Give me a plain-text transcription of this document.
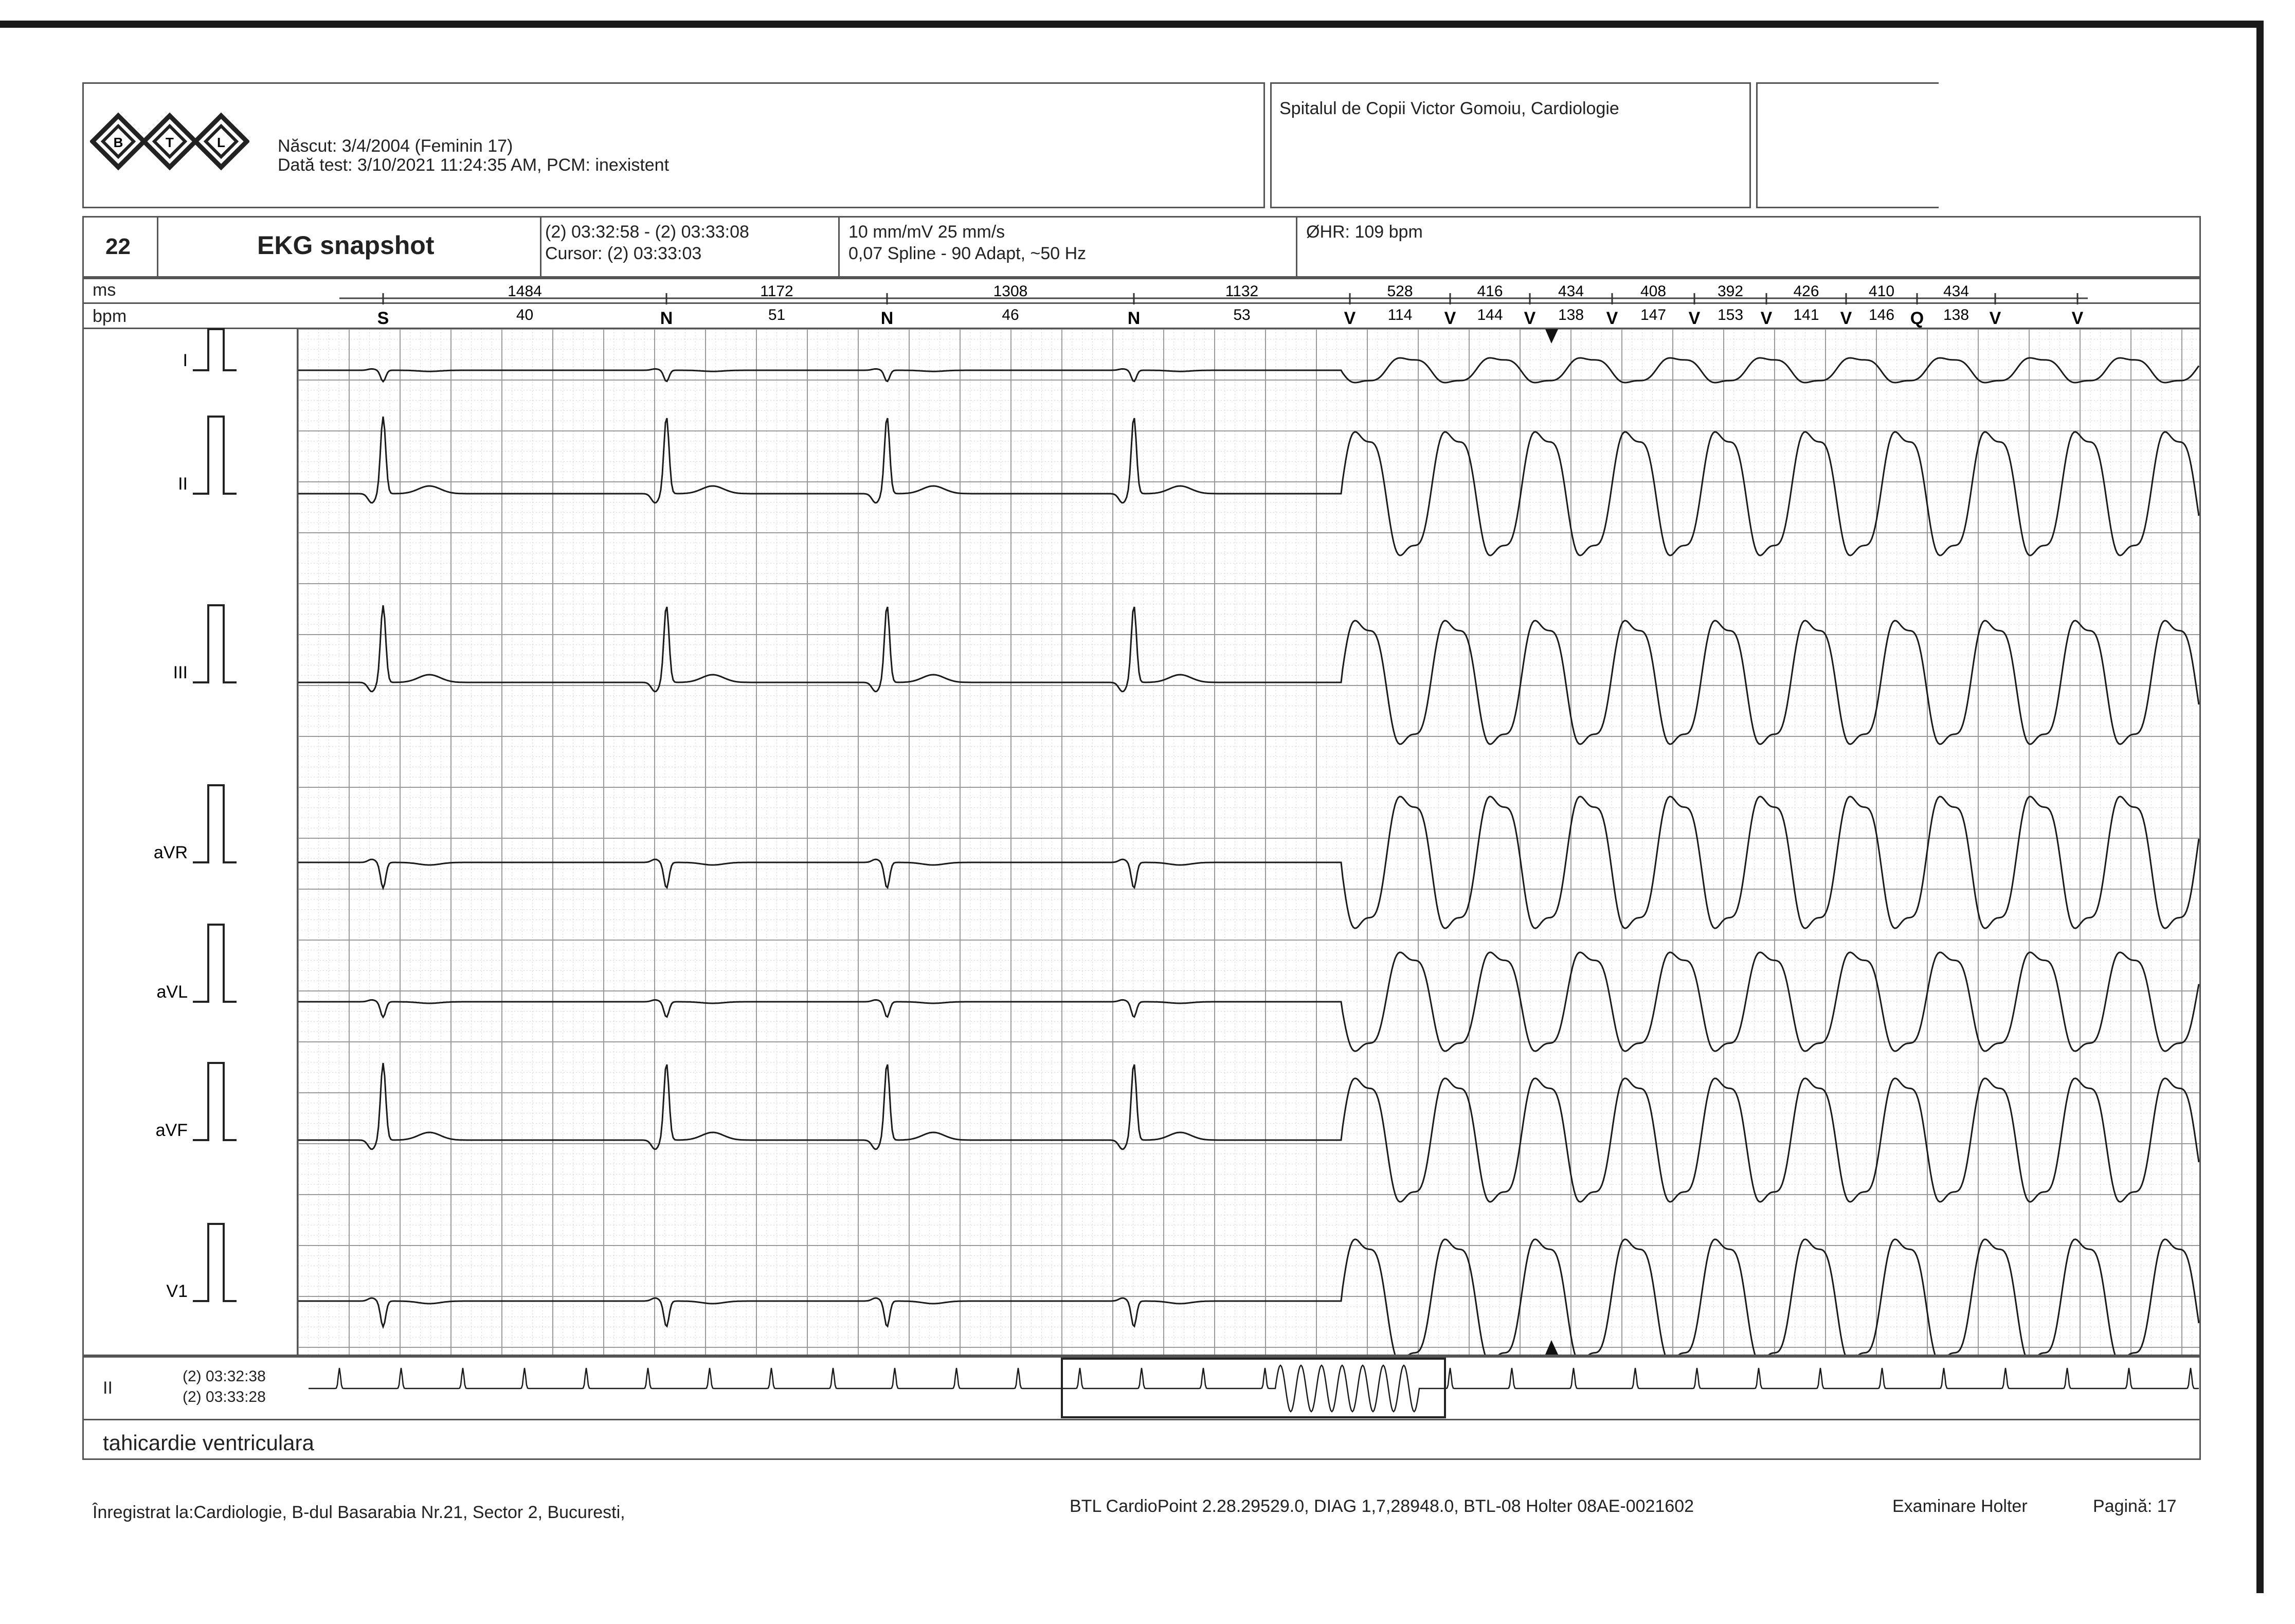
B	T	L	Născut: 3/4/2004 (Feminin 17)
Dată test: 3/10/2021 11:24:35 AM, PCM: inexistent
Spitalul de Copii Victor Gomoiu, Cardiologie
22	EKG snapshot	(2) 03:32:58 - (2) 03:33:08
Cursor: (2) 03:33:03
10 mm/mV 25 mm/s
0,07 Spline - 90 Adapt, ~50 Hz
ØHR: 109 bpm
ms
bpm	S	N	N	N	V	V	V	V	V	V	V	Q	V	V
1484
40
1172
51
1308
46
1132
53
528
114
416
144
434
138
408
147
392
153
426
141
410
146
434
138
I
II
III
aVR
aVL
aVF
V1
II
(2) 03:32:38
(2) 03:33:28
tahicardie ventriculara
Înregistrat la:Cardiologie, B-dul Basarabia Nr.21, Sector 2, Bucuresti,	BTL CardioPoint 2.28.29529.0, DIAG 1,7,28948.0, BTL-08 Holter 08AE-0021602	Examinare Holter	Pagină: 17
